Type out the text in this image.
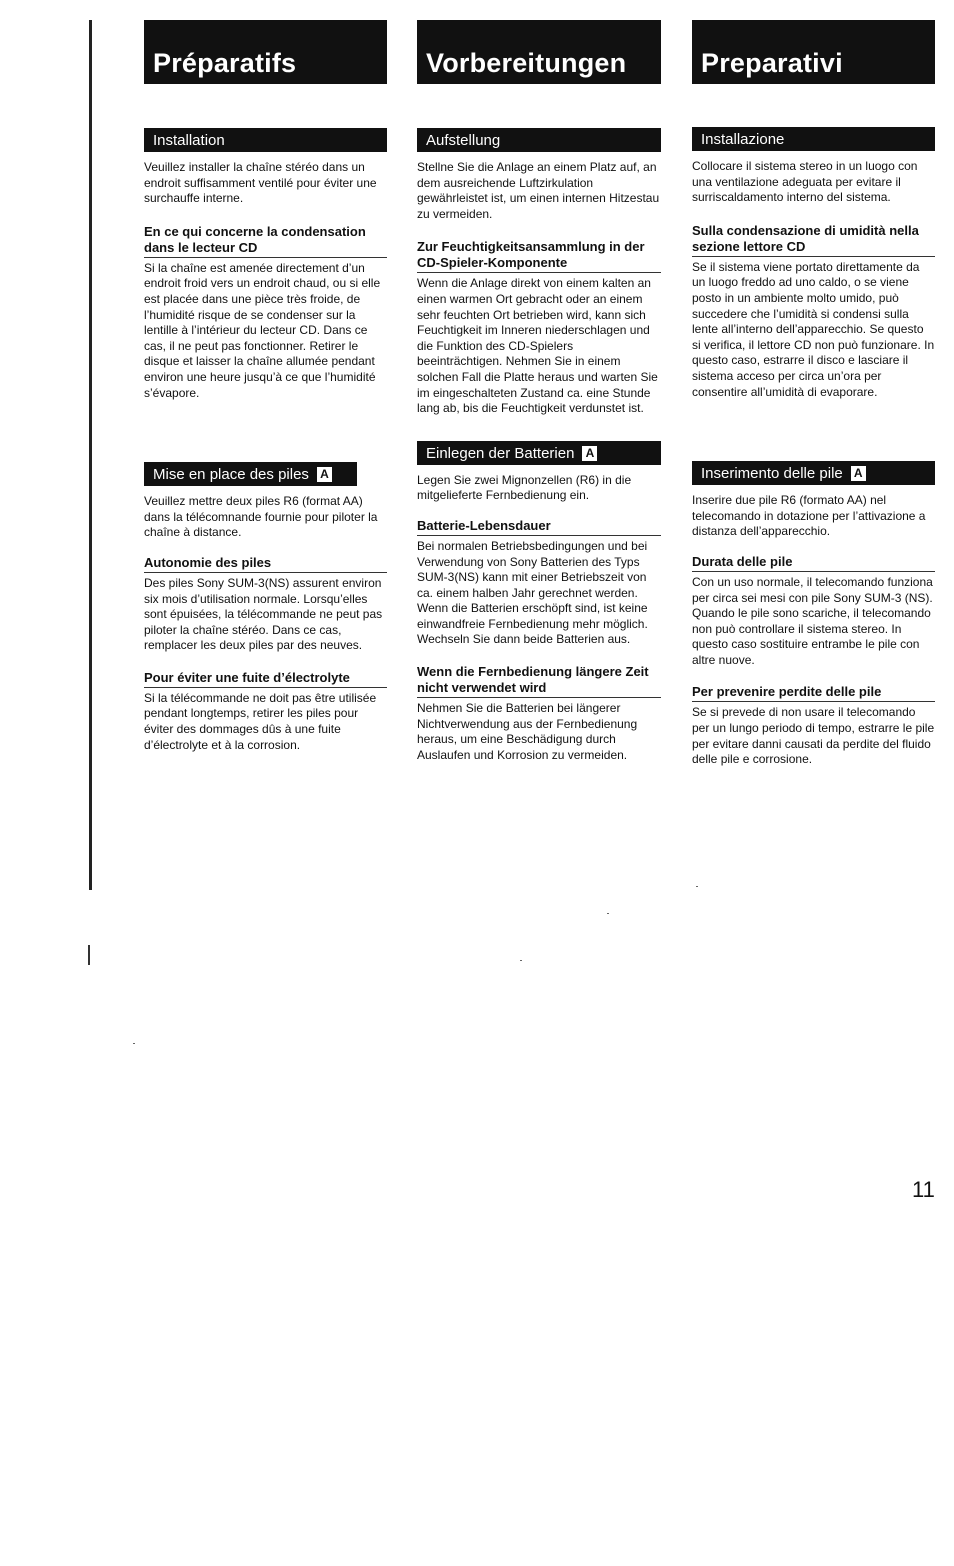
Préparatifs
Installation

Veuillez installer la chaîne stéréo dans un endroit suffisamment ventilé pour éviter une surchauffe interne.

En ce qui concerne la condensation dans le lecteur CD

Si la chaîne est amenée directement d’un endroit froid vers un endroit chaud, ou si elle est placée dans une pièce très froide, de l’humidité risque de se condenser sur la lentille à l’intérieur du lecteur CD. Dans ce cas, il ne peut pas fonctionner. Retirer le disque et laisser la chaîne allumée pendant environ une heure jusqu’à ce que l’humidité s’évapore.

Mise en place des piles A

Veuillez mettre deux piles R6 (format AA) dans la télécomnande fournie pour piloter la chaîne à distance.

Autonomie des piles

Des piles Sony SUM-3(NS) assurent environ six mois d’utilisation normale. Lorsqu’elles sont épuisées, la télécommande ne peut pas piloter la chaîne stéréo. Dans ce cas, remplacer les deux piles par des neuves.

Pour éviter une fuite d’électrolyte

Si la télécommande ne doit pas être utilisée pendant longtemps, retirer les piles pour éviter des dommages dûs à une fuite d’électrolyte et à la corrosion.

Vorbereitungen
Aufstellung

Stellne Sie die Anlage an einem Platz auf, an dem ausreichende Luftzirkulation gewährleistet ist, um einen internen Hitzestau zu vermeiden.

Zur Feuchtigkeitsansammlung in der CD-Spieler-Komponente

Wenn die Anlage direkt von einem kalten an einen warmen Ort gebracht oder an einem sehr feuchten Ort betrieben wird, kann sich Feuchtigkeit im Inneren niederschlagen und die Funktion des CD-Spielers beeinträchtigen. Nehmen Sie in einem solchen Fall die Platte heraus und warten Sie im eingeschalteten Zustand ca. eine Stunde lang ab, bis die Feuchtigkeit verdunstet ist.

Einlegen der Batterien A

Legen Sie zwei Mignonzellen (R6) in die mitgelieferte Fernbedienung ein.

Batterie-Lebensdauer

Bei normalen Betriebsbedingungen und bei Verwendung von Sony Batterien des Typs SUM-3(NS) kann mit einer Betriebszeit von ca. einem halben Jahr gerechnet werden. Wenn die Batterien erschöpft sind, ist keine einwandfreie Fernbedienung mehr möglich. Wechseln Sie dann beide Batterien aus.

Wenn die Fernbedienung längere Zeit nicht verwendet wird

Nehmen Sie die Batterien bei längerer Nichtverwendung aus der Fernbedienung heraus, um eine Beschädigung durch Auslaufen und Korrosion zu vermeiden.

Preparativi
Installazione

Collocare il sistema stereo in un luogo con una ventilazione adeguata per evitare il surriscaldamento interno del sistema.

Sulla condensazione di umidità nella sezione lettore CD

Se il sistema viene portato direttamente da un luogo freddo ad uno caldo, o se viene posto in un ambiente molto umido, può succedere che l’umidità si condensi sulla lente all’interno dell’apparecchio. Se questo si verifica, il lettore CD non può funzionare. In questo caso, estrarre il disco e lasciare il sistema acceso per circa un’ora per consentire all’umidità di evaporare.

Inserimento delle pile A

Inserire due pile R6 (formato AA) nel telecomando in dotazione per l’attivazione a distanza dell’apparecchio.

Durata delle pile

Con un uso normale, il telecomando funziona per circa sei mesi con pile Sony SUM-3 (NS). Quando le pile sono scariche, il telecomando non può controllare il sistema stereo. In questo caso sostituire entrambe le pile con altre nuove.

Per prevenire perdite delle pile

Se si prevede di non usare il telecomando per un lungo periodo di tempo, estrarre le pile per evitare danni causati da perdite del fluido delle pile e corrosione.

11
